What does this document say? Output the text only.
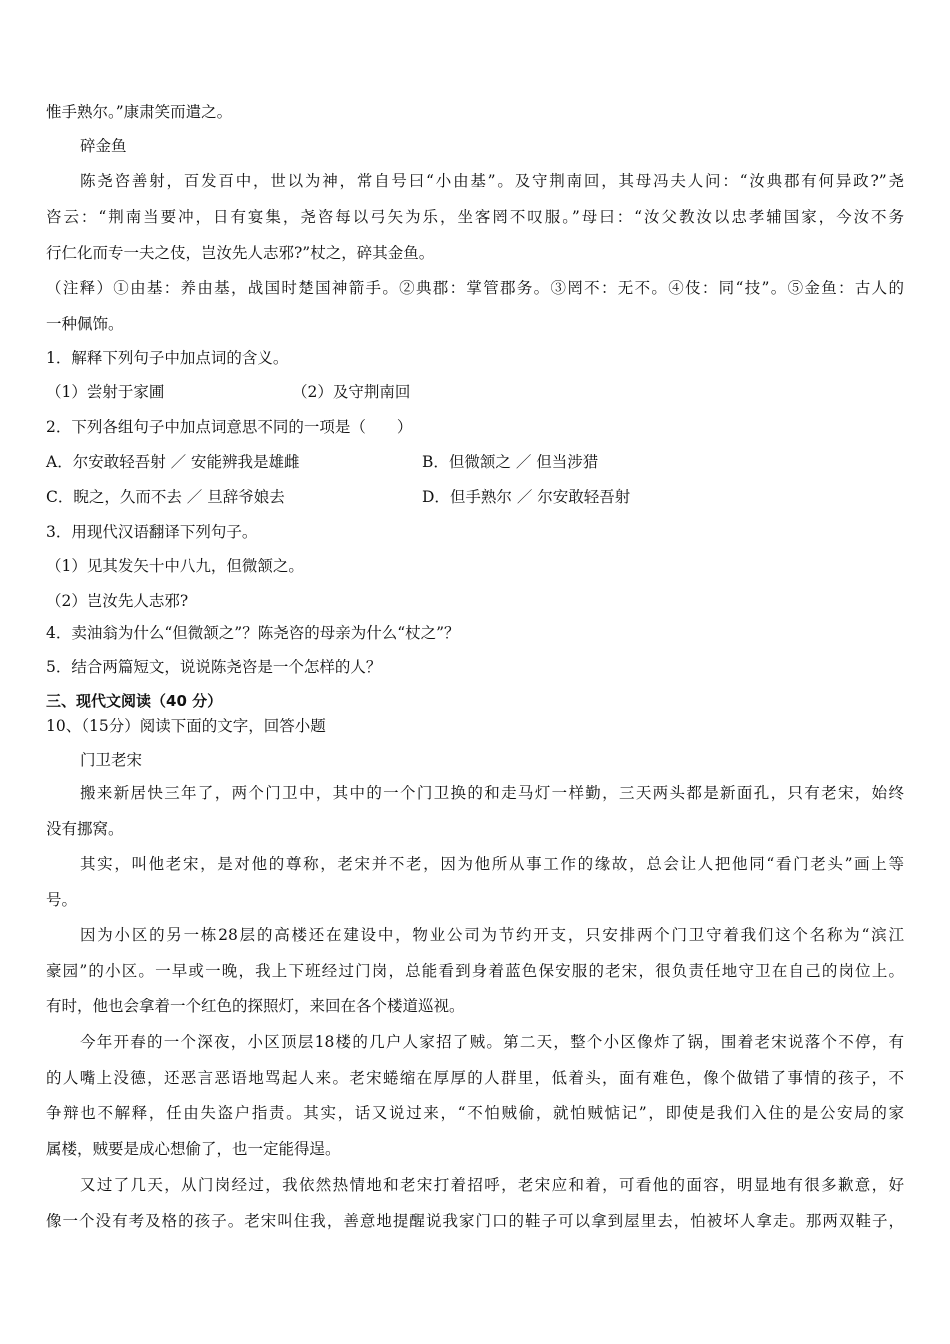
惟手熟尔。”康肃笑而遣之。
碎金鱼
陈尧咨善射，百发百中，世以为神，常自号曰“小由基”。及守荆南回，其母冯夫人问：“汝典郡有何异政?”尧
咨云：“荆南当要冲，日有宴集，尧咨每以弓矢为乐，坐客罔不叹服。”母曰：“汝父教汝以忠孝辅国家，今汝不务
行仁化而专一夫之伎，岂汝先人志邪?”杖之，碎其金鱼。
（注释）①由基：养由基，战国时楚国神箭手。②典郡：掌管郡务。③罔不：无不。④伎：同“技”。⑤金鱼：古人的
一种佩饰。
1．解释下列句子中加点词的含义。
（1）尝射于家圃	（2）及守荆南回
2．下列各组句子中加点词意思不同的一项是（　　）
A．尔安敢轻吾射 ／ 安能辨我是雄雌	B．但微颔之 ／ 但当涉猎
C．睨之，久而不去 ／ 旦辞爷娘去	D．但手熟尔 ／ 尔安敢轻吾射
3．用现代汉语翻译下列句子。
（1）见其发矢十中八九，但微颔之。
（2）岂汝先人志邪?
4．卖油翁为什么“但微颔之”？陈尧咨的母亲为什么“杖之”？
5．结合两篇短文，说说陈尧咨是一个怎样的人？
三、现代文阅读（40 分）
10、（15分）阅读下面的文字，回答小题
门卫老宋
搬来新居快三年了，两个门卫中，其中的一个门卫换的和走马灯一样勤，三天两头都是新面孔，只有老宋，始终
没有挪窝。
其实，叫他老宋，是对他的尊称，老宋并不老，因为他所从事工作的缘故，总会让人把他同“看门老头”画上等
号。
因为小区的另一栋28层的高楼还在建设中，物业公司为节约开支，只安排两个门卫守着我们这个名称为“滨江
豪园”的小区。一早或一晚，我上下班经过门岗，总能看到身着蓝色保安服的老宋，很负责任地守卫在自己的岗位上。
有时，他也会拿着一个红色的探照灯，来回在各个楼道巡视。
今年开春的一个深夜，小区顶层18楼的几户人家招了贼。第二天，整个小区像炸了锅，围着老宋说落个不停，有
的人嘴上没德，还恶言恶语地骂起人来。老宋蜷缩在厚厚的人群里，低着头，面有难色，像个做错了事情的孩子，不
争辩也不解释，任由失盗户指责。其实，话又说过来，“不怕贼偷，就怕贼惦记”，即使是我们入住的是公安局的家
属楼，贼要是成心想偷了，也一定能得逞。
又过了几天，从门岗经过，我依然热情地和老宋打着招呼，老宋应和着，可看他的面容，明显地有很多歉意，好
像一个没有考及格的孩子。老宋叫住我，善意地提醒说我家门口的鞋子可以拿到屋里去，怕被坏人拿走。那两双鞋子，
